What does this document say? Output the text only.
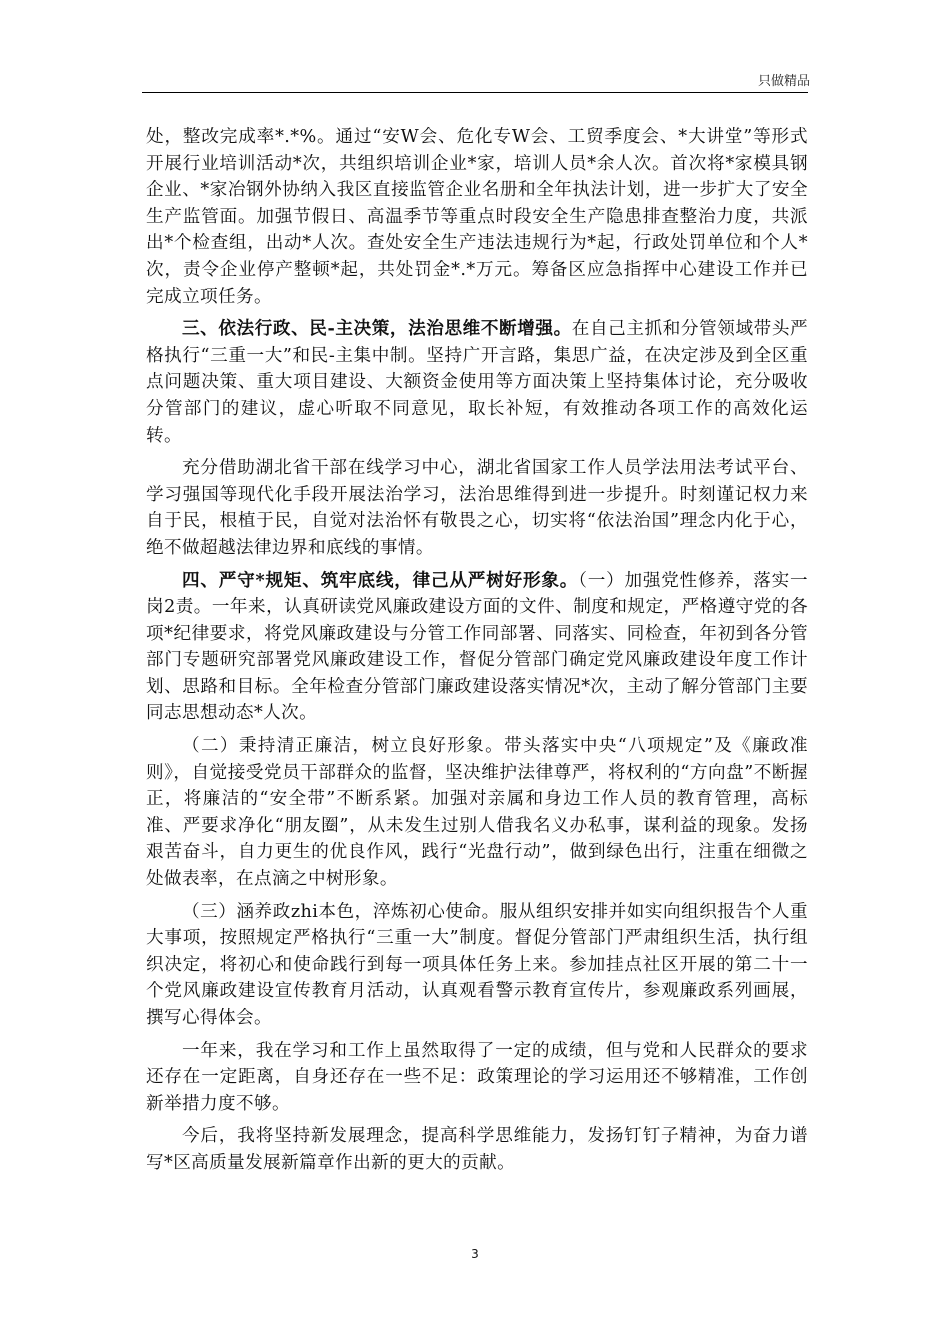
只做精品

处，整改完成率*.*%。通过“安W会、危化专W会、工贸季度会、*大讲堂”等形式开展行业培训活动*次，共组织培训企业*家，培训人员*余人次。首次将*家模具钢企业、*家冶钢外协纳入我区直接监管企业名册和全年执法计划，进一步扩大了安全生产监管面。加强节假日、高温季节等重点时段安全生产隐患排查整治力度，共派出*个检查组，出动*人次。查处安全生产违法违规行为*起，行政处罚单位和个人*次，责令企业停产整顿*起，共处罚金*.*万元。筹备区应急指挥中心建设工作并已完成立项任务。

三、依法行政、民-主决策，法治思维不断增强。在自己主抓和分管领域带头严格执行“三重一大”和民-主集中制。坚持广开言路，集思广益，在决定涉及到全区重点问题决策、重大项目建设、大额资金使用等方面决策上坚持集体讨论，充分吸收分管部门的建议，虚心听取不同意见，取长补短，有效推动各项工作的高效化运转。

充分借助湖北省干部在线学习中心，湖北省国家工作人员学法用法考试平台、学习强国等现代化手段开展法治学习，法治思维得到进一步提升。时刻谨记权力来自于民，根植于民，自觉对法治怀有敬畏之心，切实将“依法治国”理念内化于心，绝不做超越法律边界和底线的事情。

四、严守*规矩、筑牢底线，律己从严树好形象。（一）加强党性修养，落实一岗2责。一年来，认真研读党风廉政建设方面的文件、制度和规定，严格遵守党的各项*纪律要求，将党风廉政建设与分管工作同部署、同落实、同检查，年初到各分管部门专题研究部署党风廉政建设工作，督促分管部门确定党风廉政建设年度工作计划、思路和目标。全年检查分管部门廉政建设落实情况*次，主动了解分管部门主要同志思想动态*人次。

（二）秉持清正廉洁，树立良好形象。带头落实中央“八项规定”及《廉政准则》，自觉接受党员干部群众的监督，坚决维护法律尊严，将权利的“方向盘”不断握正，将廉洁的“安全带”不断系紧。加强对亲属和身边工作人员的教育管理，高标准、严要求净化“朋友圈”，从未发生过别人借我名义办私事，谋利益的现象。发扬艰苦奋斗，自力更生的优良作风，践行“光盘行动”，做到绿色出行，注重在细微之处做表率，在点滴之中树形象。

（三）涵养政zhi本色，淬炼初心使命。服从组织安排并如实向组织报告个人重大事项，按照规定严格执行“三重一大”制度。督促分管部门严肃组织生活，执行组织决定，将初心和使命践行到每一项具体任务上来。参加挂点社区开展的第二十一个党风廉政建设宣传教育月活动，认真观看警示教育宣传片，参观廉政系列画展，撰写心得体会。

一年来，我在学习和工作上虽然取得了一定的成绩，但与党和人民群众的要求还存在一定距离，自身还存在一些不足：政策理论的学习运用还不够精准，工作创新举措力度不够。

今后，我将坚持新发展理念，提高科学思维能力，发扬钉钉子精神，为奋力谱写*区高质量发展新篇章作出新的更大的贡献。

3
